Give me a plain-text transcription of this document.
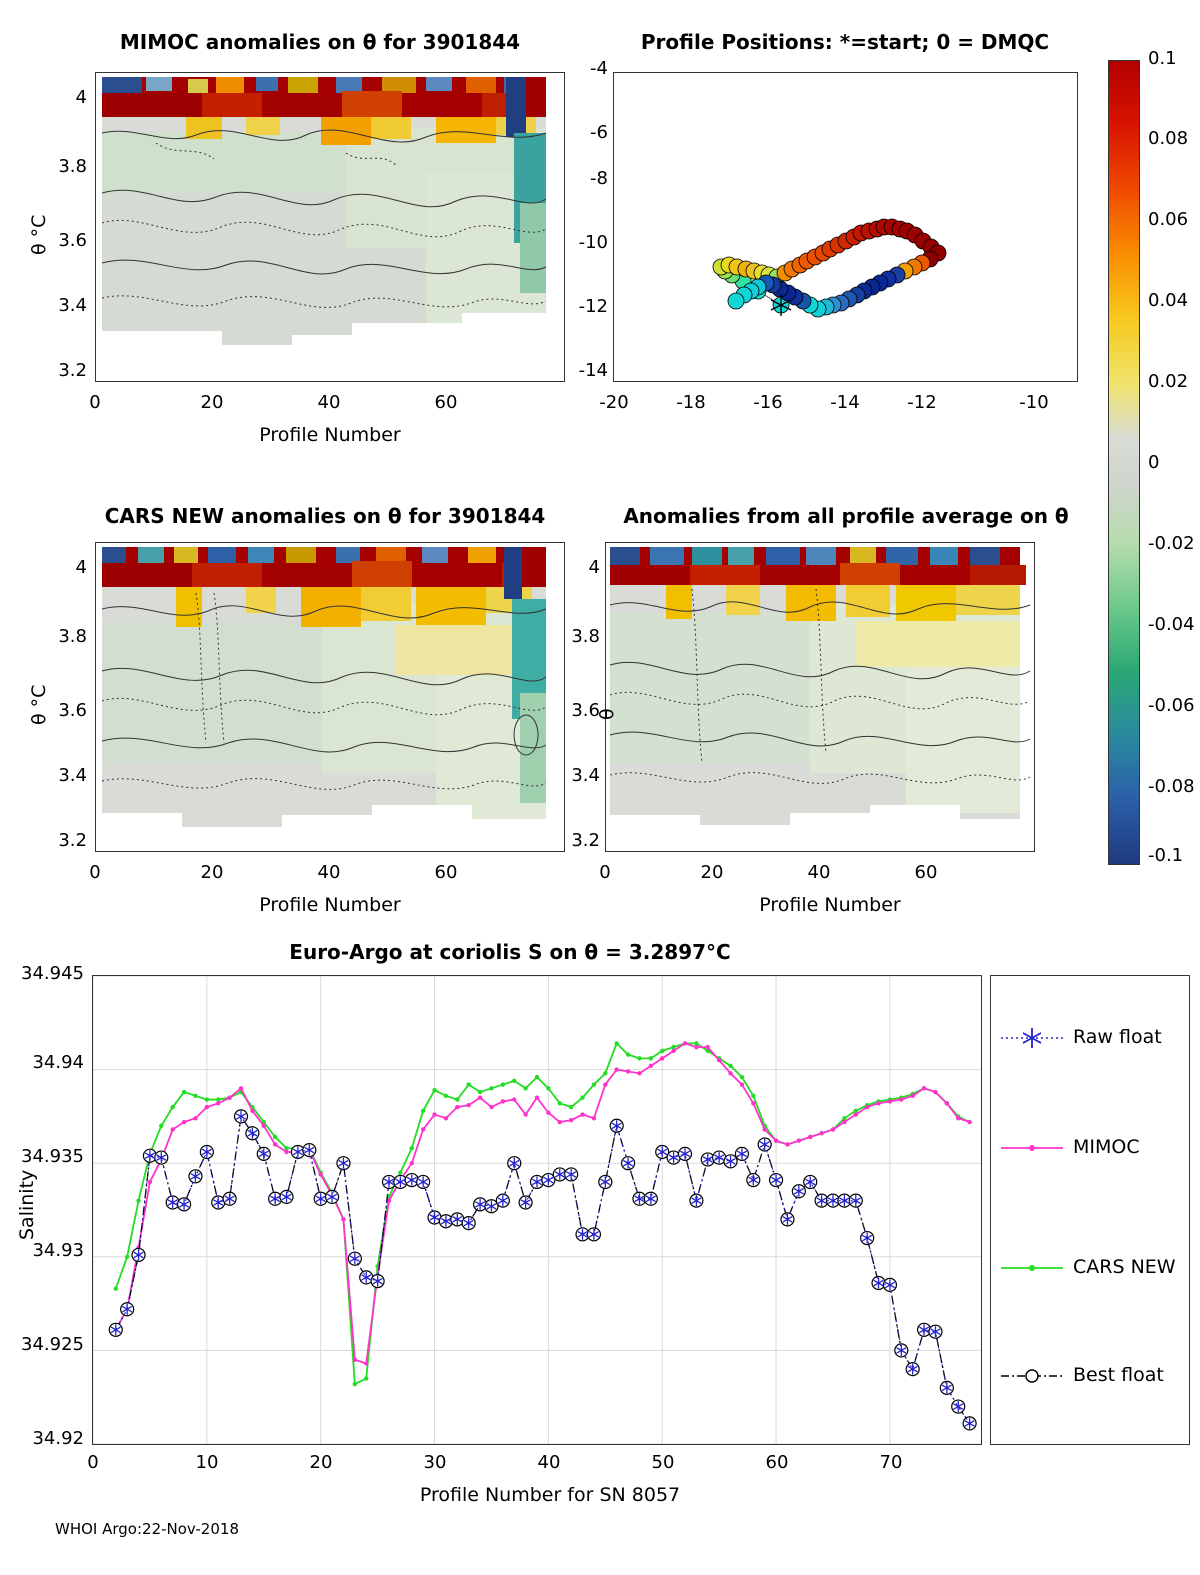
MIMOC anomalies on θ for 3901844
3.2
3.4
3.6
3.8
4
0	20	40	60
Profile Number
θ °C
Profile Positions: *=start; 0 = DMQC
-14
-12
-10
-8
-6
-4
-20	-18	-16	-14	-12	-10
0.1
0.08
0.06
0.04
0.02
0
-0.02
-0.04
-0.06
-0.08
-0.1
CARS NEW anomalies on θ for 3901844
3.2
3.4
3.6
3.8
4
0	20	40	60
Profile Number
θ °C
Anomalies from all profile average on θ
3.2
3.4
3.6
3.8
4
0	20	40	60
Profile Number
θ
Euro-Argo at coriolis S on θ = 3.2897°C
34.92
34.925
34.93
34.935
34.94
34.945
0	10	20	30	40	50	60	70
Profile Number for SN 8057
Salinity
Raw float
MIMOC
CARS NEW
Best float
WHOI Argo:22-Nov-2018
